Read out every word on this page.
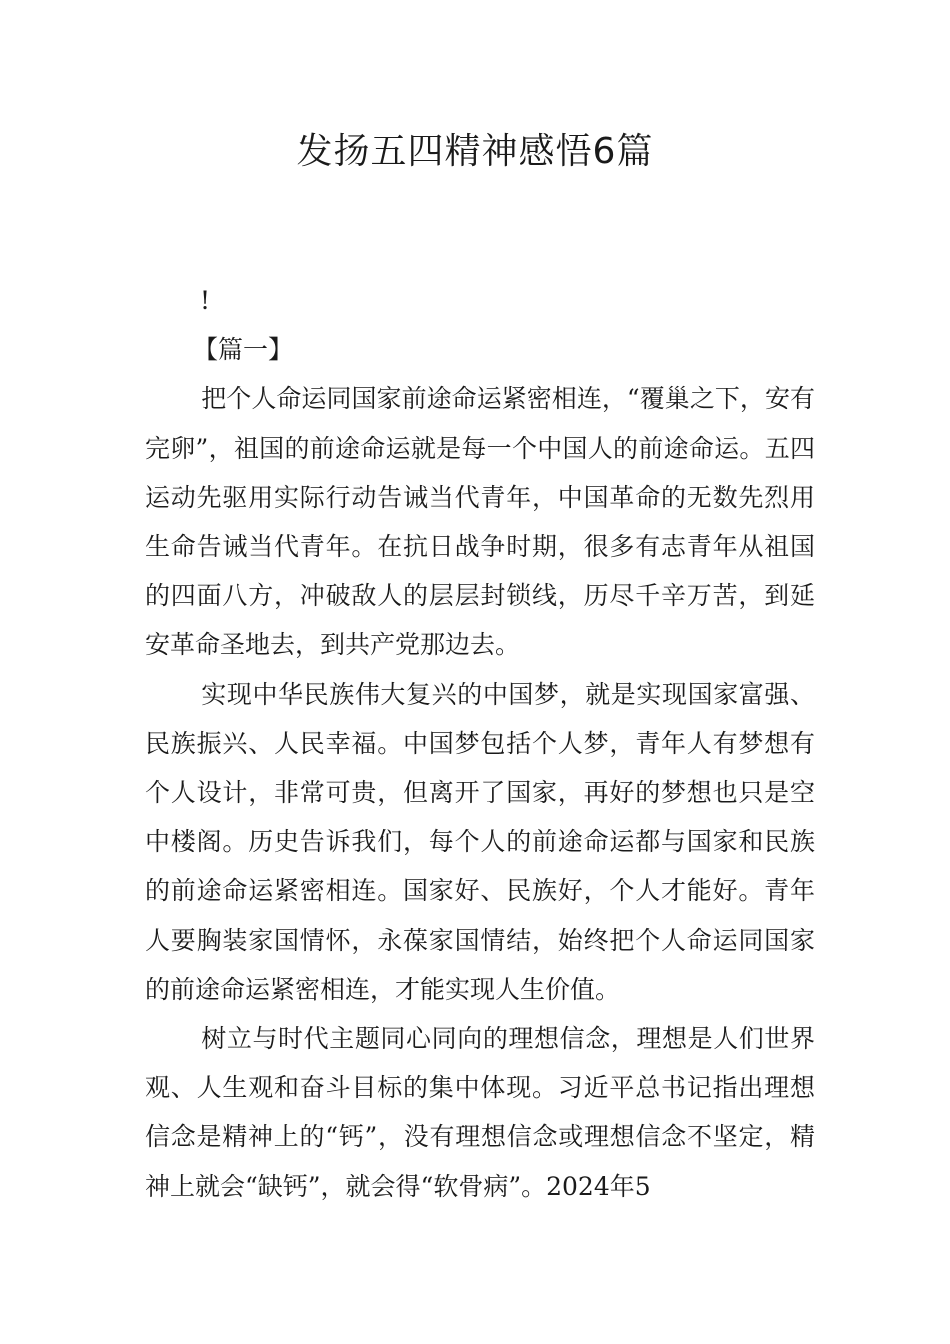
发扬五四精神感悟6篇

!

【篇一】

把个人命运同国家前途命运紧密相连，“覆巢之下，安有完卵”，祖国的前途命运就是每一个中国人的前途命运。五四运动先驱用实际行动告诫当代青年，中国革命的无数先烈用生命告诫当代青年。在抗日战争时期，很多有志青年从祖国的四面八方，冲破敌人的层层封锁线，历尽千辛万苦，到延安革命圣地去，到共产党那边去。

实现中华民族伟大复兴的中国梦，就是实现国家富强、民族振兴、人民幸福。中国梦包括个人梦，青年人有梦想有个人设计，非常可贵，但离开了国家，再好的梦想也只是空中楼阁。历史告诉我们，每个人的前途命运都与国家和民族的前途命运紧密相连。国家好、民族好，个人才能好。青年人要胸装家国情怀，永葆家国情结，始终把个人命运同国家的前途命运紧密相连，才能实现人生价值。

树立与时代主题同心同向的理想信念，理想是人们世界观、人生观和奋斗目标的集中体现。习近平总书记指出理想信念是精神上的“钙”，没有理想信念或理想信念不坚定，精神上就会“缺钙”，就会得“软骨病”。2024年5
